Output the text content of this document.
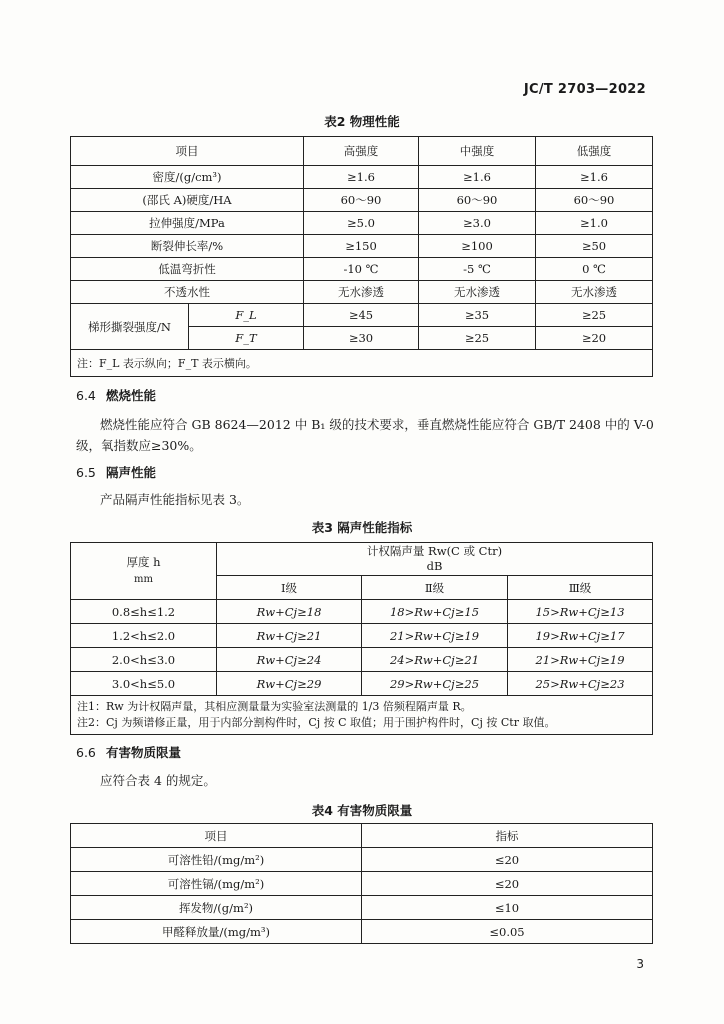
JC/T 2703—2022
表2 物理性能
项目		高强度	中强度	低强度
密度/(g/cm³)		≥1.6	≥1.6	≥1.6
(邵氏 A)硬度/HA		60～90	60～90	60～90
拉伸强度/MPa		≥5.0	≥3.0	≥1.0
断裂伸长率/%		≥150	≥100	≥50
低温弯折性		-10 ℃	-5 ℃	0 ℃
不透水性		无水渗透	无水渗透	无水渗透
梯形撕裂强度/N	F_L	≥45	≥35	≥25
	F_T	≥30	≥25	≥20
注：F_L 表示纵向；F_T 表示横向。				
6.4 燃烧性能
燃烧性能应符合 GB 8624—2012 中 B₁ 级的技术要求，垂直燃烧性能应符合 GB/T 2408 中的 V-0 级，氧指数应≥30%。
6.5 隔声性能
产品隔声性能指标见表 3。
表3 隔声性能指标
厚度 h
mm	计权隔声量 Rw(C 或 Ctr)
dB		

	Ⅰ级	Ⅱ级	Ⅲ级
0.8≤h≤1.2	Rw+Cj≥18	18>Rw+Cj≥15	15>Rw+Cj≥13
1.2<h≤2.0	Rw+Cj≥21	21>Rw+Cj≥19	19>Rw+Cj≥17
2.0<h≤3.0	Rw+Cj≥24	24>Rw+Cj≥21	21>Rw+Cj≥19
3.0<h≤5.0	Rw+Cj≥29	29>Rw+Cj≥25	25>Rw+Cj≥23

注1：Rw 为计权隔声量，其相应测量量为实验室法测量的 1/3 倍频程隔声量 R。
注2：Cj 为频谱修正量，用于内部分割构件时，Cj 按 C 取值；用于围护构件时，Cj 按 Ctr 取值。			
6.6 有害物质限量
应符合表 4 的规定。
表4 有害物质限量
项目	指标
可溶性铅/(mg/m²)	≤20
可溶性镉/(mg/m²)	≤20
挥发物/(g/m²)	≤10
甲醛释放量/(mg/m³)	≤0.05
3
